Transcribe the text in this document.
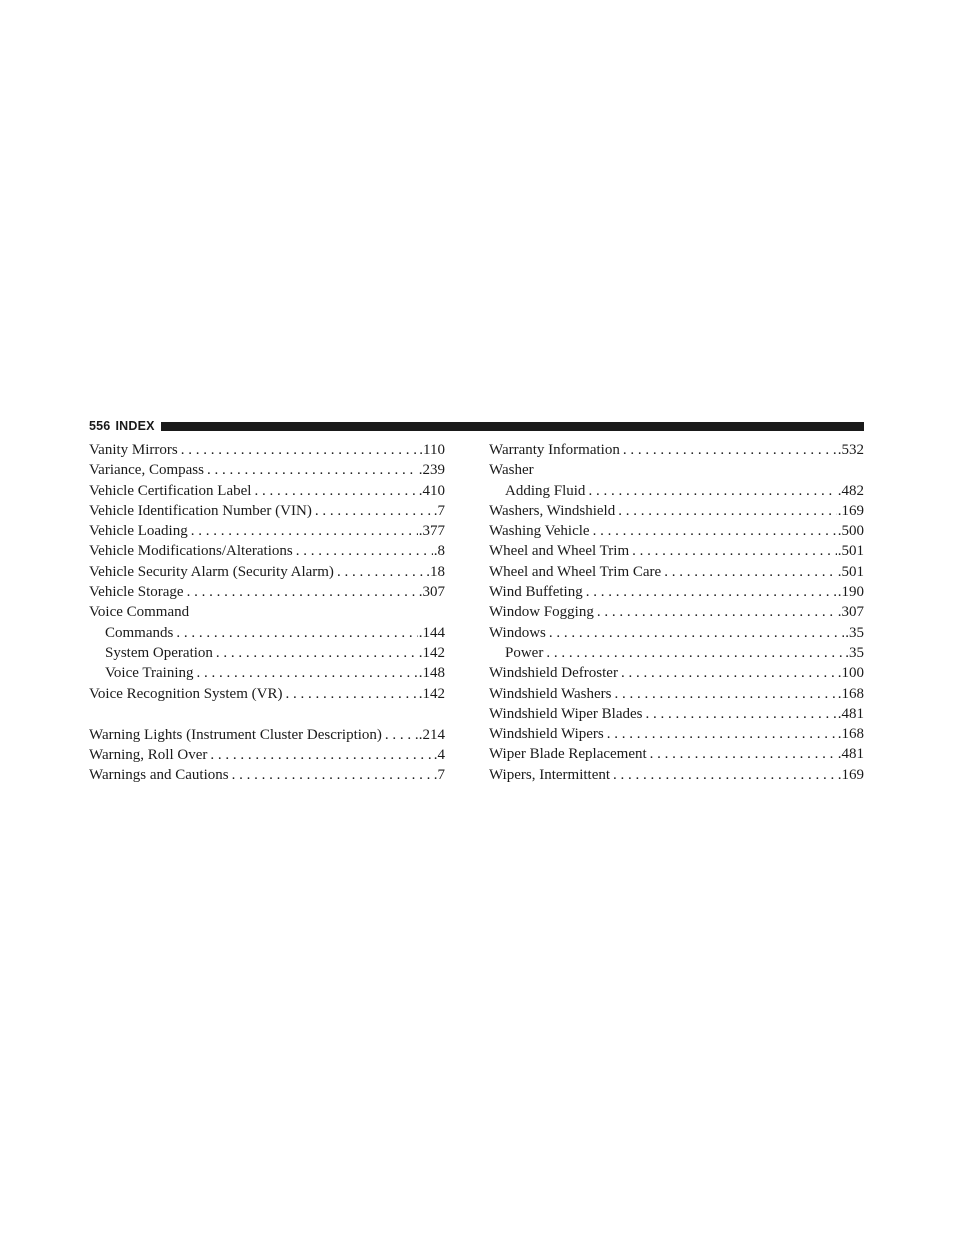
556 INDEX
Vanity Mirrors . . .	.110
Variance, Compass . . .	.239
Vehicle Certification Label . . .	.410
Vehicle Identification Number (VIN) . . .	.7
Vehicle Loading . . .	.377
Vehicle Modifications/Alterations . . .	.8
Vehicle Security Alarm (Security Alarm) . . .	.18
Vehicle Storage . . .	.307
Voice Command
Commands . . .	.144
System Operation . . .	.142
Voice Training . . .	.148
Voice Recognition System (VR) . . .	.142
Warning Lights (Instrument Cluster Description) . . . .214
Warning, Roll Over . . .	.4
Warnings and Cautions . . .	.7
Warranty Information . . .	.532
Washer
Adding Fluid . . .	.482
Washers, Windshield . . .	.169
Washing Vehicle . . .	.500
Wheel and Wheel Trim . . .	.501
Wheel and Wheel Trim Care . . .	.501
Wind Buffeting . . .	.190
Window Fogging . . .	.307
Windows . . .	.35
Power . . .	.35
Windshield Defroster . . .	.100
Windshield Washers . . .	.168
Windshield Wiper Blades . . .	.481
Windshield Wipers . . .	.168
Wiper Blade Replacement . . .	.481
Wipers, Intermittent . . .	.169
